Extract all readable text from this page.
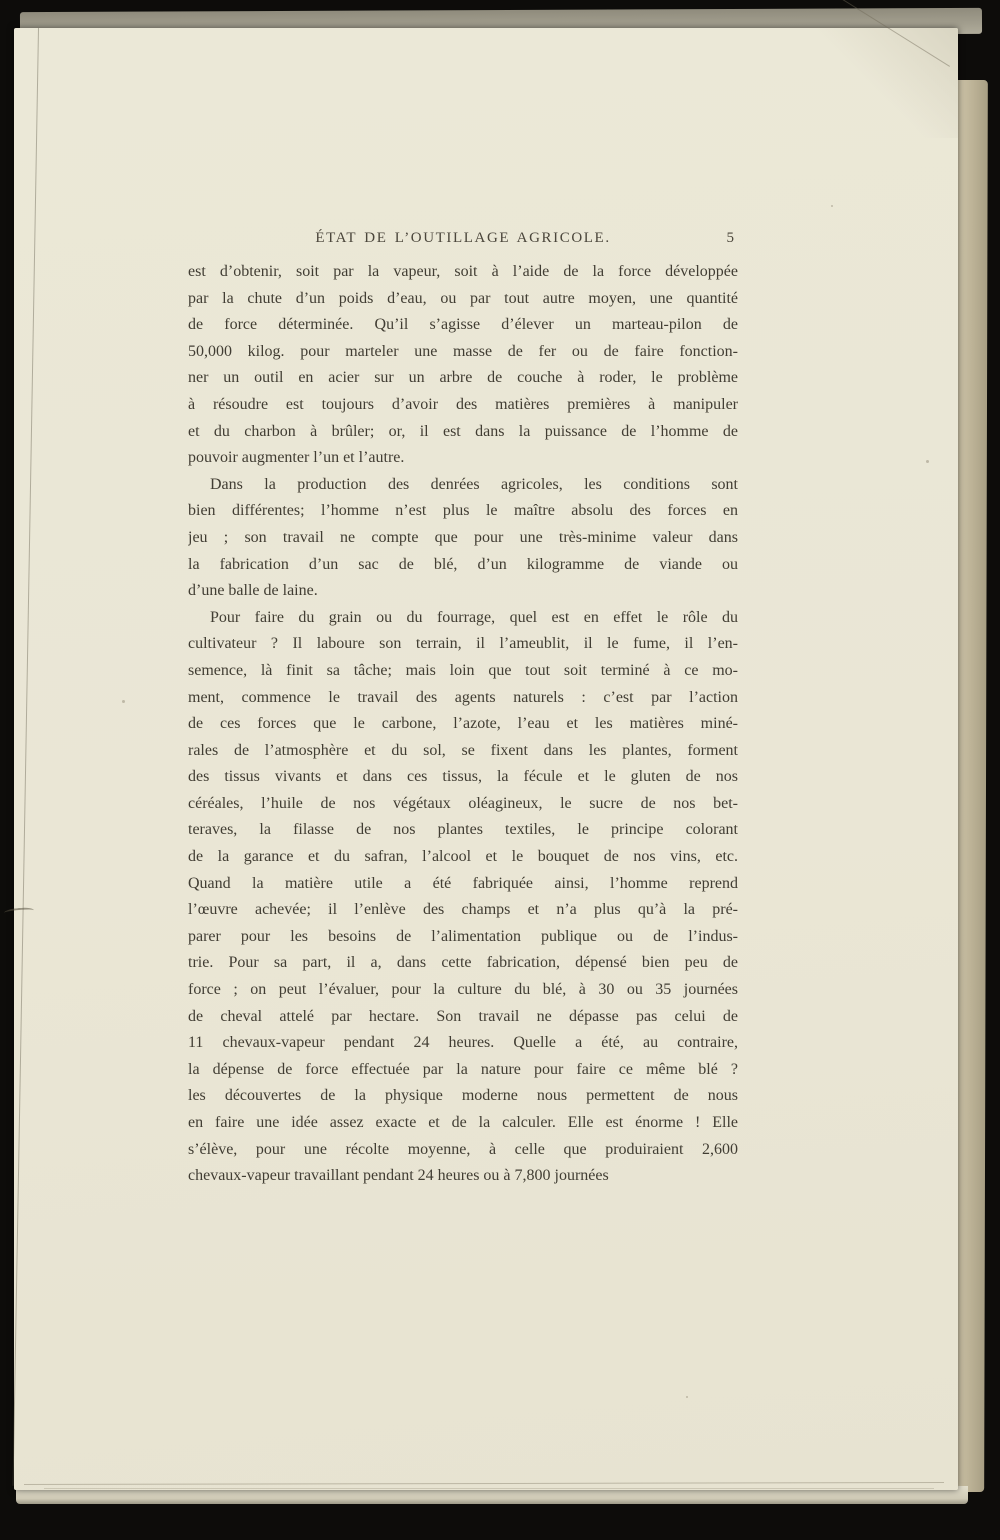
ÉTAT DE L’OUTILLAGE AGRICOLE.	5
est d’obtenir, soit par la vapeur, soit à l’aide de la force développée
par la chute d’un poids d’eau, ou par tout autre moyen, une quantité
de force déterminée. Qu’il s’agisse d’élever un marteau-pilon de
50,000 kilog. pour marteler une masse de fer ou de faire fonction-
ner un outil en acier sur un arbre de couche à roder, le problème
à résoudre est toujours d’avoir des matières premières à manipuler
et du charbon à brûler; or, il est dans la puissance de l’homme de
pouvoir augmenter l’un et l’autre.
Dans la production des denrées agricoles, les conditions sont
bien différentes; l’homme n’est plus le maître absolu des forces en
jeu ; son travail ne compte que pour une très-minime valeur dans
la fabrication d’un sac de blé, d’un kilogramme de viande ou
d’une balle de laine.
Pour faire du grain ou du fourrage, quel est en effet le rôle du
cultivateur ? Il laboure son terrain, il l’ameublit, il le fume, il l’en-
semence, là finit sa tâche; mais loin que tout soit terminé à ce mo-
ment, commence le travail des agents naturels : c’est par l’action
de ces forces que le carbone, l’azote, l’eau et les matières miné-
rales de l’atmosphère et du sol, se fixent dans les plantes, forment
des tissus vivants et dans ces tissus, la fécule et le gluten de nos
céréales, l’huile de nos végétaux oléagineux, le sucre de nos bet-
teraves, la filasse de nos plantes textiles, le principe colorant
de la garance et du safran, l’alcool et le bouquet de nos vins, etc.
Quand la matière utile a été fabriquée ainsi, l’homme reprend
l’œuvre achevée; il l’enlève des champs et n’a plus qu’à la pré-
parer pour les besoins de l’alimentation publique ou de l’indus-
trie. Pour sa part, il a, dans cette fabrication, dépensé bien peu de
force ; on peut l’évaluer, pour la culture du blé, à 30 ou 35 journées
de cheval attelé par hectare. Son travail ne dépasse pas celui de
11 chevaux-vapeur pendant 24 heures. Quelle a été, au contraire,
la dépense de force effectuée par la nature pour faire ce même blé ?
les découvertes de la physique moderne nous permettent de nous
en faire une idée assez exacte et de la calculer. Elle est énorme ! Elle
s’élève, pour une récolte moyenne, à celle que produiraient 2,600
chevaux-vapeur travaillant pendant 24 heures ou à 7,800 journées
